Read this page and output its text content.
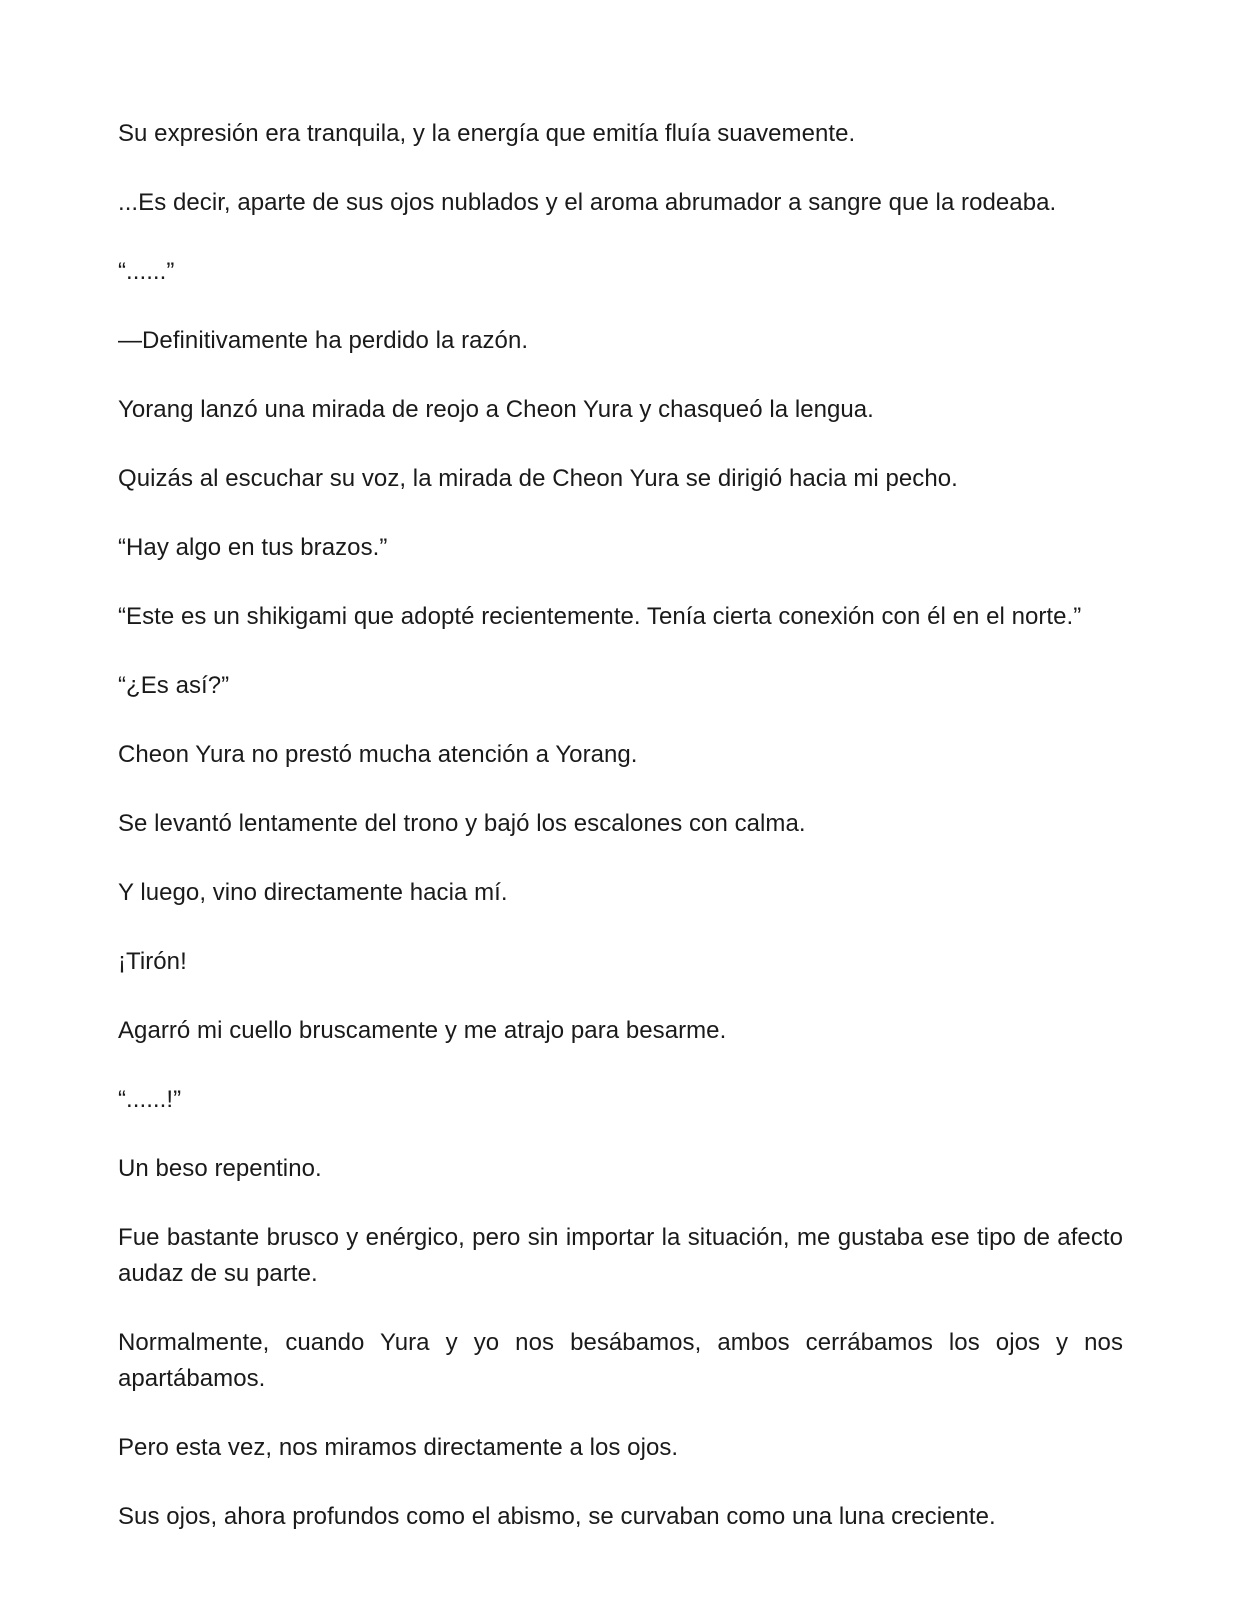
Su expresión era tranquila, y la energía que emitía fluía suavemente.

...Es decir, aparte de sus ojos nublados y el aroma abrumador a sangre que la rodeaba.

“......”

—Definitivamente ha perdido la razón.

Yorang lanzó una mirada de reojo a Cheon Yura y chasqueó la lengua.

Quizás al escuchar su voz, la mirada de Cheon Yura se dirigió hacia mi pecho.

“Hay algo en tus brazos.”

“Este es un shikigami que adopté recientemente. Tenía cierta conexión con él en el norte.”

“¿Es así?”

Cheon Yura no prestó mucha atención a Yorang.

Se levantó lentamente del trono y bajó los escalones con calma.

Y luego, vino directamente hacia mí.

¡Tirón!

Agarró mi cuello bruscamente y me atrajo para besarme.

“......!”

Un beso repentino.

Fue bastante brusco y enérgico, pero sin importar la situación, me gustaba ese tipo de afecto audaz de su parte.

Normalmente, cuando Yura y yo nos besábamos, ambos cerrábamos los ojos y nos apartábamos.

Pero esta vez, nos miramos directamente a los ojos.

Sus ojos, ahora profundos como el abismo, se curvaban como una luna creciente.
